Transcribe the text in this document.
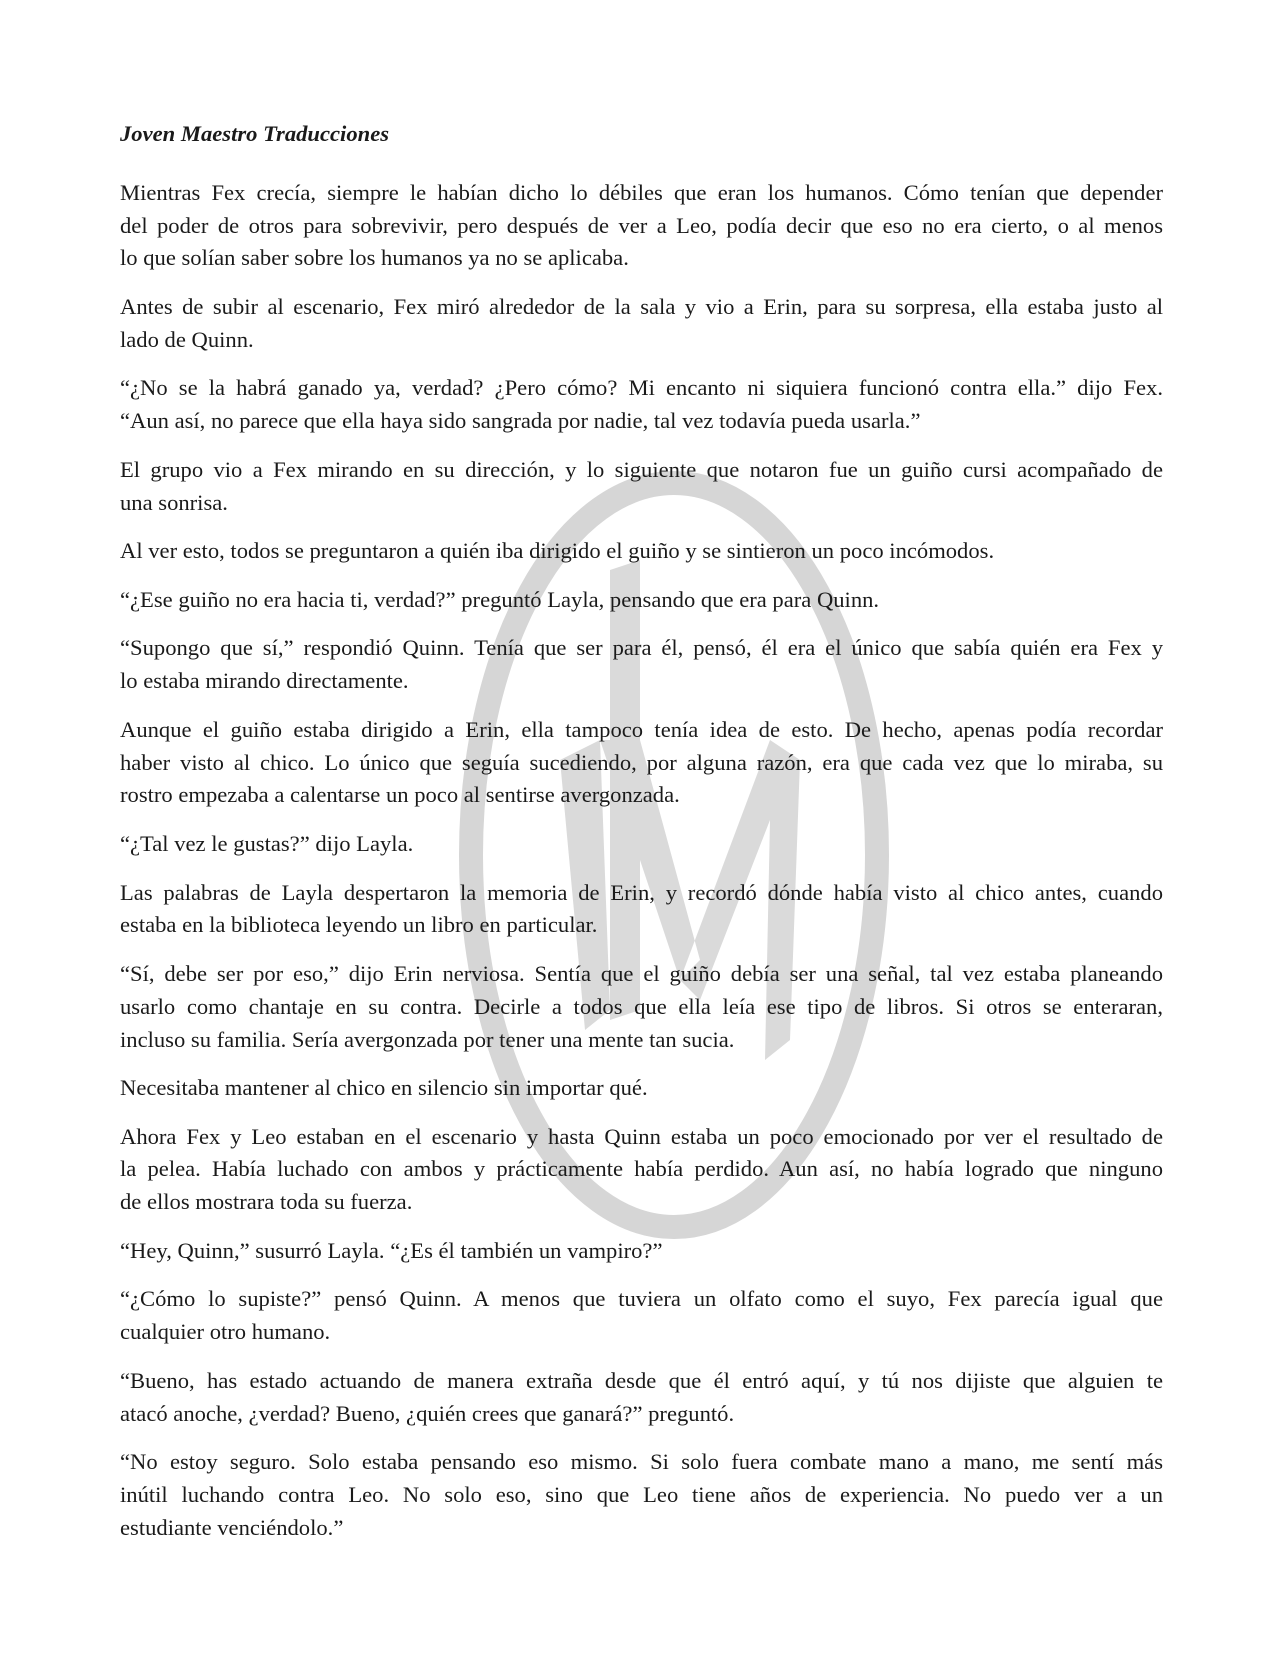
Joven Maestro Traducciones
Mientras Fex crecía, siempre le habían dicho lo débiles que eran los humanos. Cómo tenían que depender
del poder de otros para sobrevivir, pero después de ver a Leo, podía decir que eso no era cierto, o al menos
lo que solían saber sobre los humanos ya no se aplicaba.
Antes de subir al escenario, Fex miró alrededor de la sala y vio a Erin, para su sorpresa, ella estaba justo al
lado de Quinn.
“¿No se la habrá ganado ya, verdad? ¿Pero cómo? Mi encanto ni siquiera funcionó contra ella.” dijo Fex.
“Aun así, no parece que ella haya sido sangrada por nadie, tal vez todavía pueda usarla.”
El grupo vio a Fex mirando en su dirección, y lo siguiente que notaron fue un guiño cursi acompañado de
una sonrisa.
Al ver esto, todos se preguntaron a quién iba dirigido el guiño y se sintieron un poco incómodos.
“¿Ese guiño no era hacia ti, verdad?” preguntó Layla, pensando que era para Quinn.
“Supongo que sí,” respondió Quinn. Tenía que ser para él, pensó, él era el único que sabía quién era Fex y
lo estaba mirando directamente.
Aunque el guiño estaba dirigido a Erin, ella tampoco tenía idea de esto. De hecho, apenas podía recordar
haber visto al chico. Lo único que seguía sucediendo, por alguna razón, era que cada vez que lo miraba, su
rostro empezaba a calentarse un poco al sentirse avergonzada.
“¿Tal vez le gustas?” dijo Layla.
Las palabras de Layla despertaron la memoria de Erin, y recordó dónde había visto al chico antes, cuando
estaba en la biblioteca leyendo un libro en particular.
“Sí, debe ser por eso,” dijo Erin nerviosa. Sentía que el guiño debía ser una señal, tal vez estaba planeando
usarlo como chantaje en su contra. Decirle a todos que ella leía ese tipo de libros. Si otros se enteraran,
incluso su familia. Sería avergonzada por tener una mente tan sucia.
Necesitaba mantener al chico en silencio sin importar qué.
Ahora Fex y Leo estaban en el escenario y hasta Quinn estaba un poco emocionado por ver el resultado de
la pelea. Había luchado con ambos y prácticamente había perdido. Aun así, no había logrado que ninguno
de ellos mostrara toda su fuerza.
“Hey, Quinn,” susurró Layla. “¿Es él también un vampiro?”
“¿Cómo lo supiste?” pensó Quinn. A menos que tuviera un olfato como el suyo, Fex parecía igual que
cualquier otro humano.
“Bueno, has estado actuando de manera extraña desde que él entró aquí, y tú nos dijiste que alguien te
atacó anoche, ¿verdad? Bueno, ¿quién crees que ganará?” preguntó.
“No estoy seguro. Solo estaba pensando eso mismo. Si solo fuera combate mano a mano, me sentí más
inútil luchando contra Leo. No solo eso, sino que Leo tiene años de experiencia. No puedo ver a un
estudiante venciéndolo.”
